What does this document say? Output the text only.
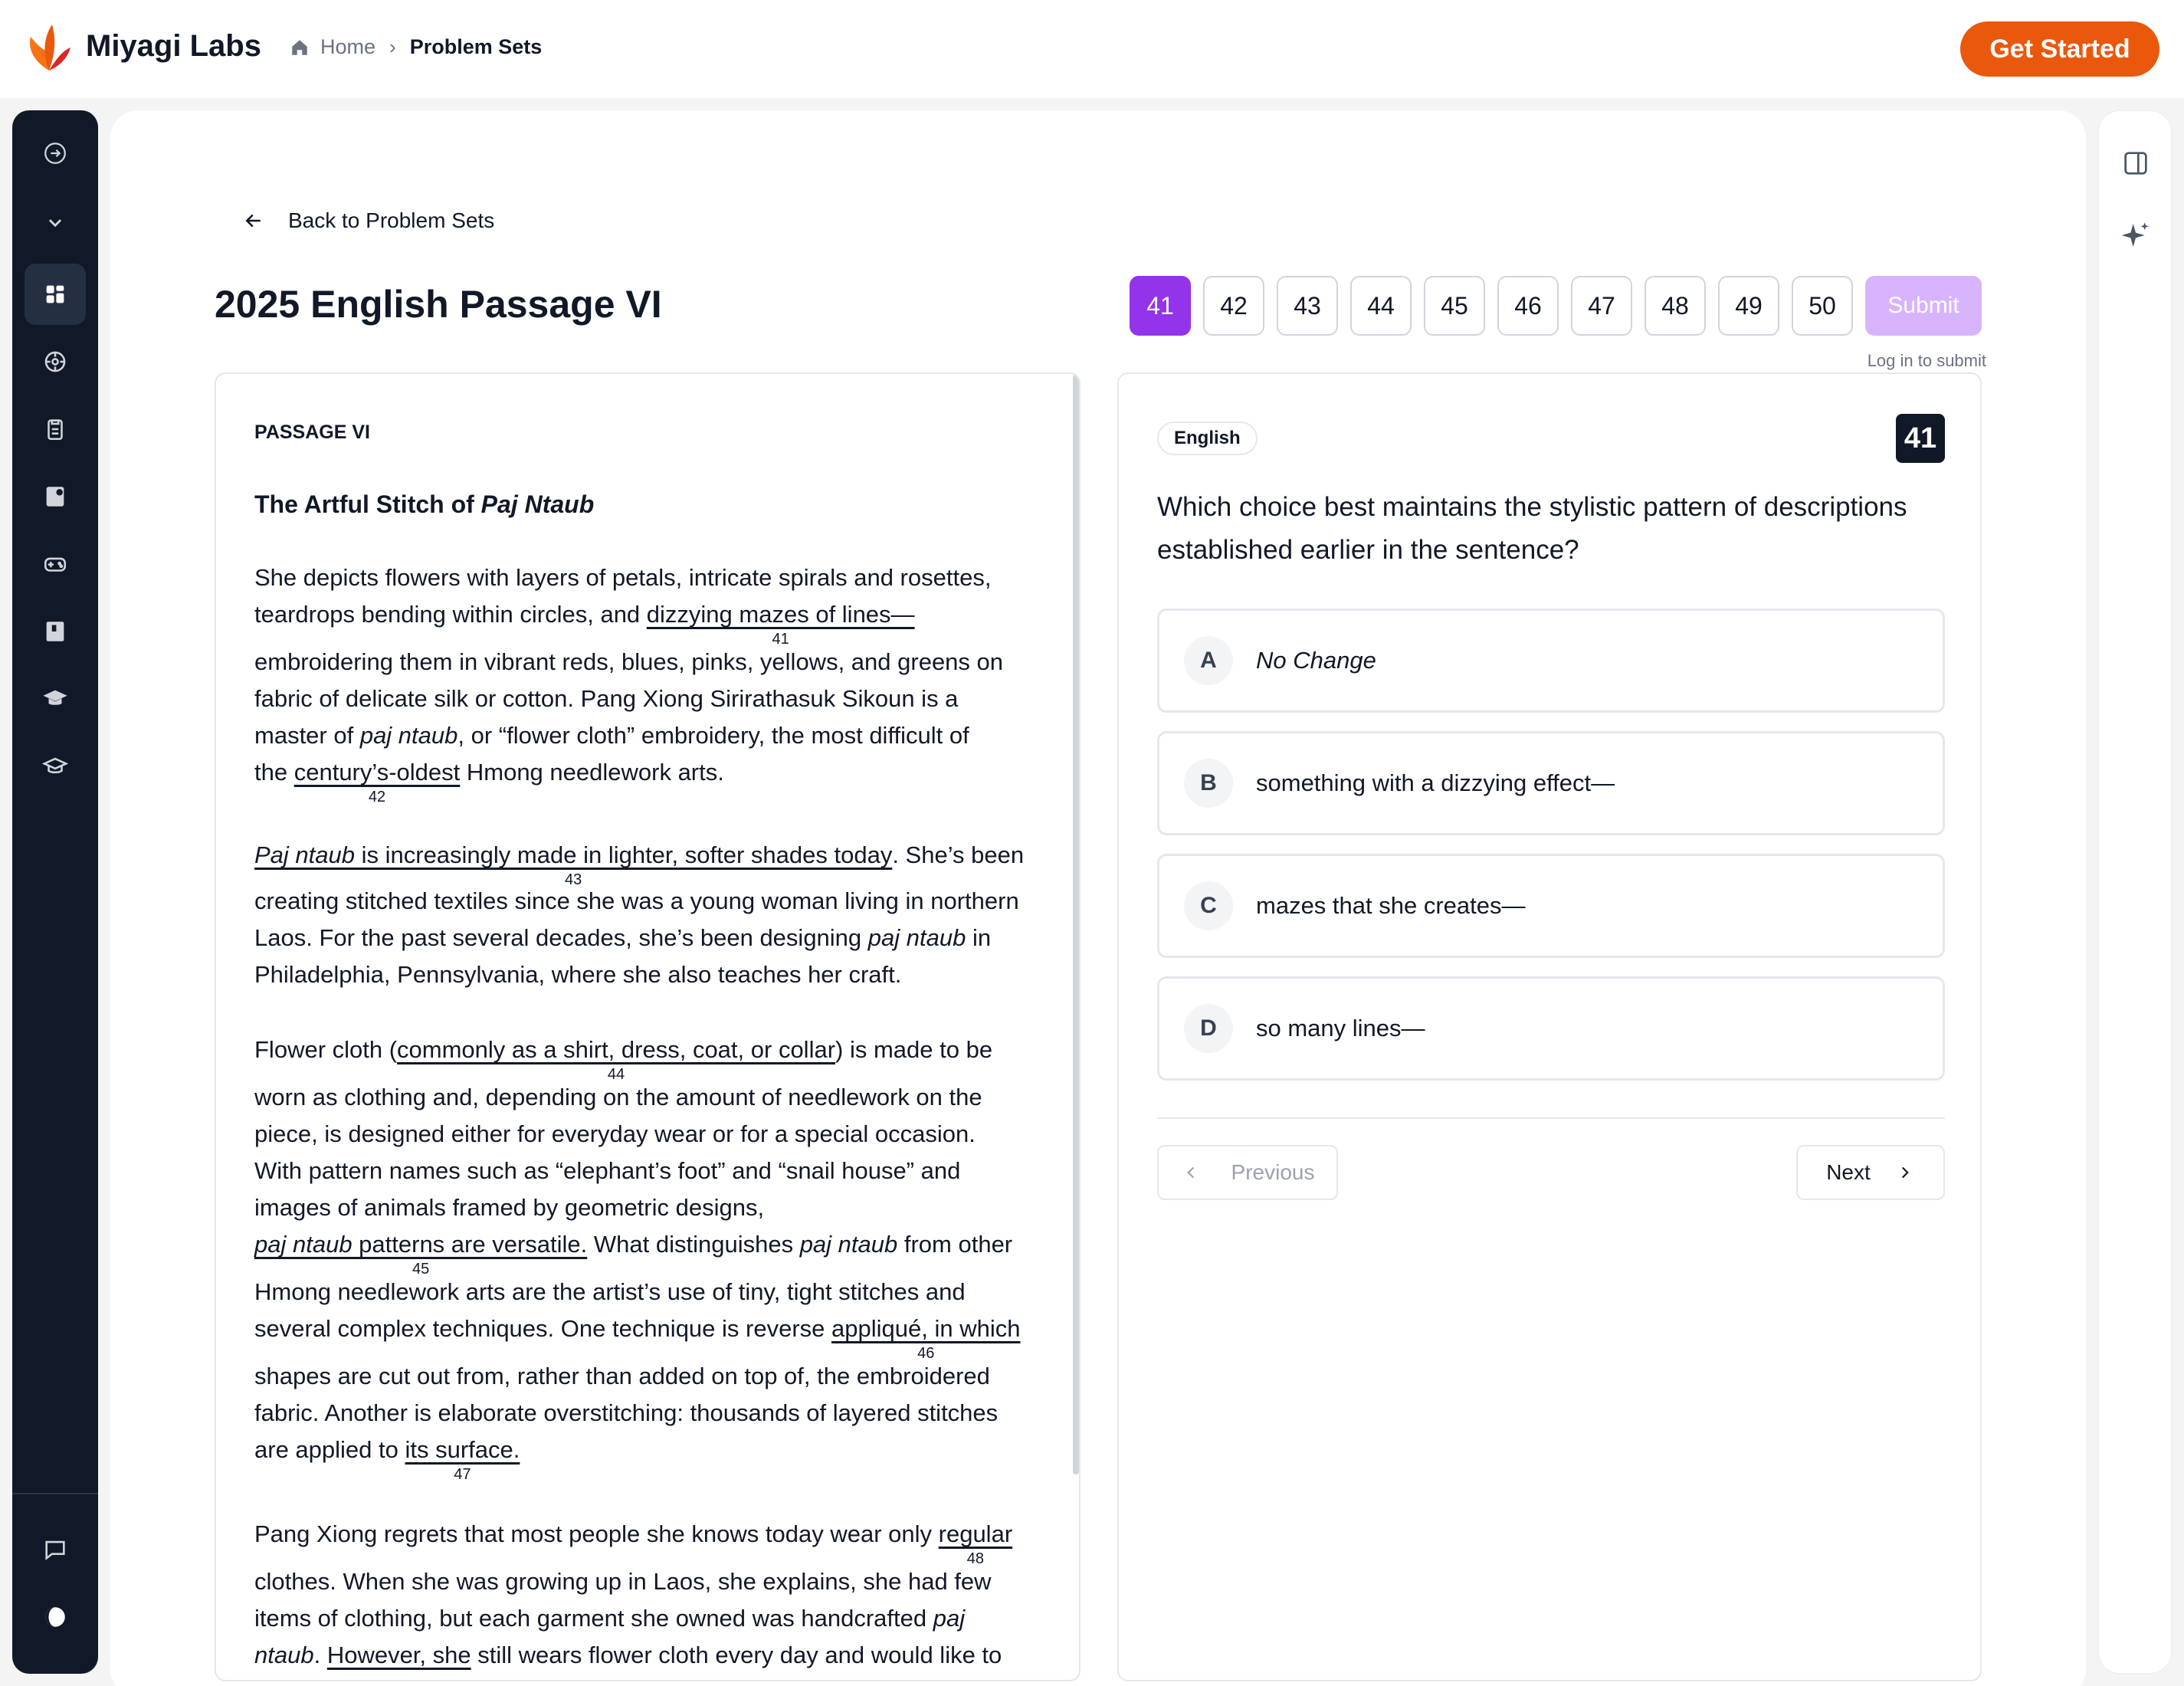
Miyagi Labs	Home › Problem Sets	Get Started
Back to Problem Sets
2025 English Passage VI	41	42	43	44	45	46	47	48	49	50	Submit
Log in to submit
PASSAGE VI
The Artful Stitch of Paj Ntaub
She depicts flowers with layers of petals, intricate spirals and rosettes,
teardrops bending within circles, and dizzying mazes of lines—
41
embroidering them in vibrant reds, blues, pinks, yellows, and greens on
fabric of delicate silk or cotton. Pang Xiong Sirirathasuk Sikoun is a
master of paj ntaub, or “flower cloth” embroidery, the most difficult of
the century’s-oldest
42
Hmong needlework arts.
Paj ntaub is increasingly made in lighter, softer shades today
43
. She’s been
creating stitched textiles since she was a young woman living in northern
Laos. For the past several decades, she’s been designing paj ntaub in
Philadelphia, Pennsylvania, where she also teaches her craft.
Flower cloth (commonly as a shirt, dress, coat, or collar
44
) is made to be
worn as clothing and, depending on the amount of needlework on the
piece, is designed either for everyday wear or for a special occasion.
With pattern names such as “elephant’s foot” and “snail house” and
images of animals framed by geometric designs,
paj ntaub patterns are versatile.
45
What distinguishes paj ntaub from other
Hmong needlework arts are the artist’s use of tiny, tight stitches and
several complex techniques. One technique is reverse appliqué, in which
46
shapes are cut out from, rather than added on top of, the embroidered
fabric. Another is elaborate overstitching: thousands of layered stitches
are applied to its surface.
47
Pang Xiong regrets that most people she knows today wear only regular
48
clothes. When she was growing up in Laos, she explains, she had few
items of clothing, but each garment she owned was handcrafted paj
ntaub. However, she still wears flower cloth every day and would like to
English	41
Which choice best maintains the stylistic pattern of descriptions established earlier in the sentence?
A	No Change
B	something with a dizzying effect—
C	mazes that she creates—
D	so many lines—
Previous	Next
